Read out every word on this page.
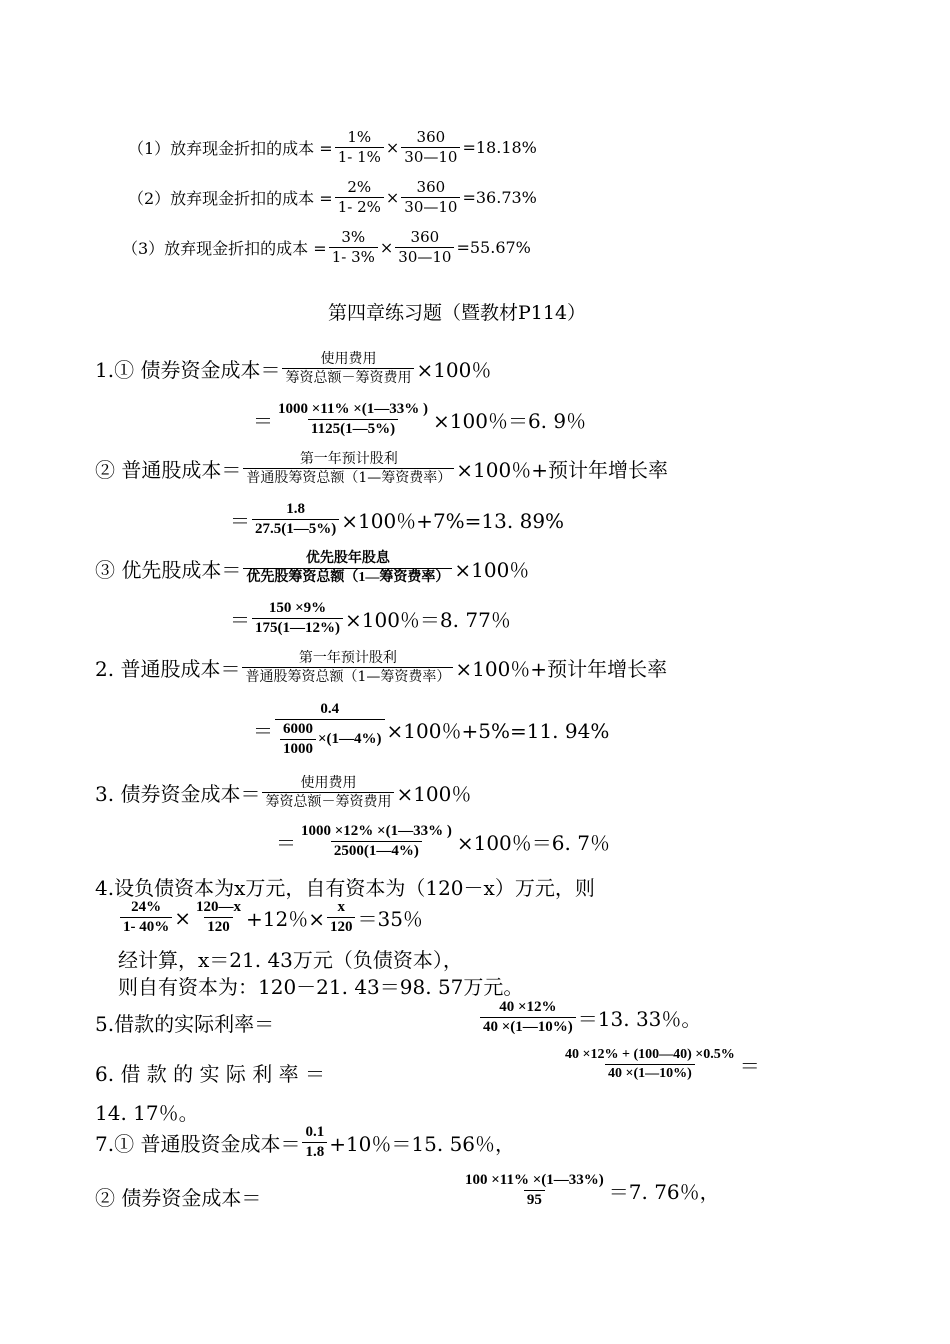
（1）放弃现金折扣的成本 = $\frac{1\%}{1- 1\%} \times \frac{360}{30—10} =18.18\%$
（2）放弃现金折扣的成本 = $\frac{2\%}{1- 2\%} \times \frac{360}{30—10} =36.73\%$
（3）放弃现金折扣的成本 = $\frac{3\%}{1- 3\%} \times \frac{360}{30—10} =55.67\%$
第四章练习题（暨教材P114）
1.① 债券资金成本＝ $\frac{\text{使用费用}}{\text{筹资总额－筹资费用}} \times 100$％
＝ $\frac{1000 \times 11\% \times(1—33\% )}{1125(1—5\%)} \times 100$％＝6. 9％
② 普通股成本＝ $\frac{\text{第一年预计股利}}{\text{普通股筹资总额（1—筹资费率）}} \times 100$％+预计年增长率
＝ $\frac{1.8}{27.5(1—5\%)} \times 100$％+7%=13. 89%
③ 优先股成本＝ $\frac{\text{优先股年股息}}{\text{优先股筹资总额（1—筹资费率）}} \times 100$％
＝ $\frac{150 \times 9\%}{175(1—12\%)} \times 100$％＝8. 77％
2. 普通股成本＝ $\frac{\text{第一年预计股利}}{\text{普通股筹资总额（1—筹资费率）}} \times 100$％+预计年增长率
＝ $\frac{0.4}{\frac{6000}{1000} \times(1—4\%)} \times 100$％+5%=11. 94%
3. 债券资金成本＝ $\frac{\text{使用费用}}{\text{筹资总额－筹资费用}} \times 100$％
＝ $\frac{1000 \times 12\% \times(1—33\% )}{2500(1—4\%)} \times 100$％＝6. 7％
4.设负债资本为x万元，自有资本为（120－x）万元，则
$\frac{24\%}{1- 40\%} \times \frac{120—x}{120} +12$％× $\frac{x}{120} =35$％
经计算，x＝21. 43万元（负债资本），
则自有资本为：120－21. 43＝98. 57万元。
5.借款的实际利率＝	$\frac{40 \times 12\%}{40 \times(1—10\%)} =13$. 33％。
6. 借 款 的 实 际 利 率 ＝	$\frac{40 \times 12\% + (100—40) \times 0.5\%}{40 \times(1—10\%)}$ ＝
14. 17％。
7.① 普通股资金成本＝ $\frac{0.1}{1.8} +10$％＝15. 56％，
② 债券资金成本＝	$\frac{100 \times 11\% \times(1—33\%)}{95} =7$. 76％，
